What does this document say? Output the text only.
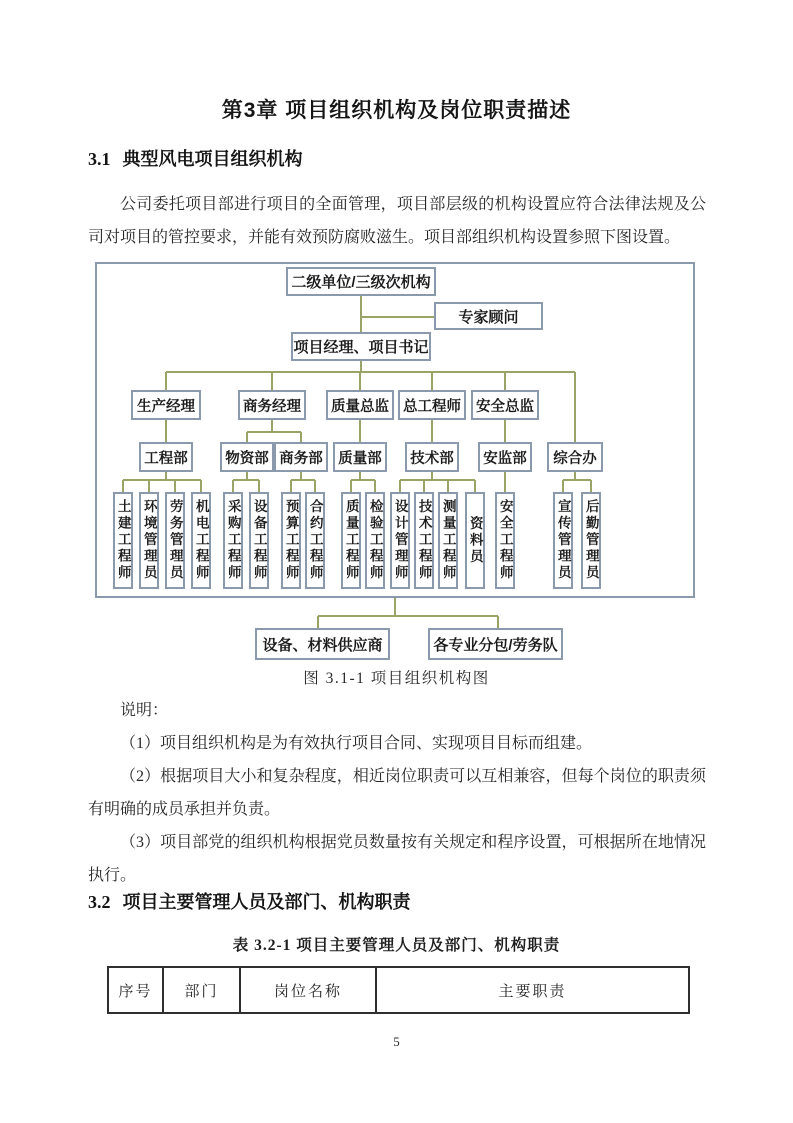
第3章 项目组织机构及岗位职责描述
3.1 典型风电项目组织机构

公司委托项目部进行项目的全面管理，项目部层级的机构设置应符合法律法规及公司对项目的管控要求，并能有效预防腐败滋生。项目部组织机构设置参照下图设置。

二级单位/三级次机构
专家顾问
项目经理、项目书记
生产经理	商务经理	质量总监 总工程师	安全总监
工程部	物资部 商务部	质量部	技术部	安监部	综合办
土建工程师 环境管理员 劳务管理员 机电工程师 采购工程师 设备工程师 预算工程师 合约工程师 质量工程师 检验工程师 设计管理师 技术工程师 测量工程师 资料员 安全工程师	宣传管理员 后勤管理员
设备、材料供应商	各专业分包/劳务队

图 3.1-1 项目组织机构图

说明：

（1）项目组织机构是为有效执行项目合同、实现项目目标而组建。

（2）根据项目大小和复杂程度，相近岗位职责可以互相兼容，但每个岗位的职责须有明确的成员承担并负责。

（3）项目部党的组织机构根据党员数量按有关规定和程序设置，可根据所在地情况执行。

3.2 项目主要管理人员及部门、机构职责

表 3.2-1 项目主要管理人员及部门、机构职责

序号	部门	岗位名称	主要职责
5
